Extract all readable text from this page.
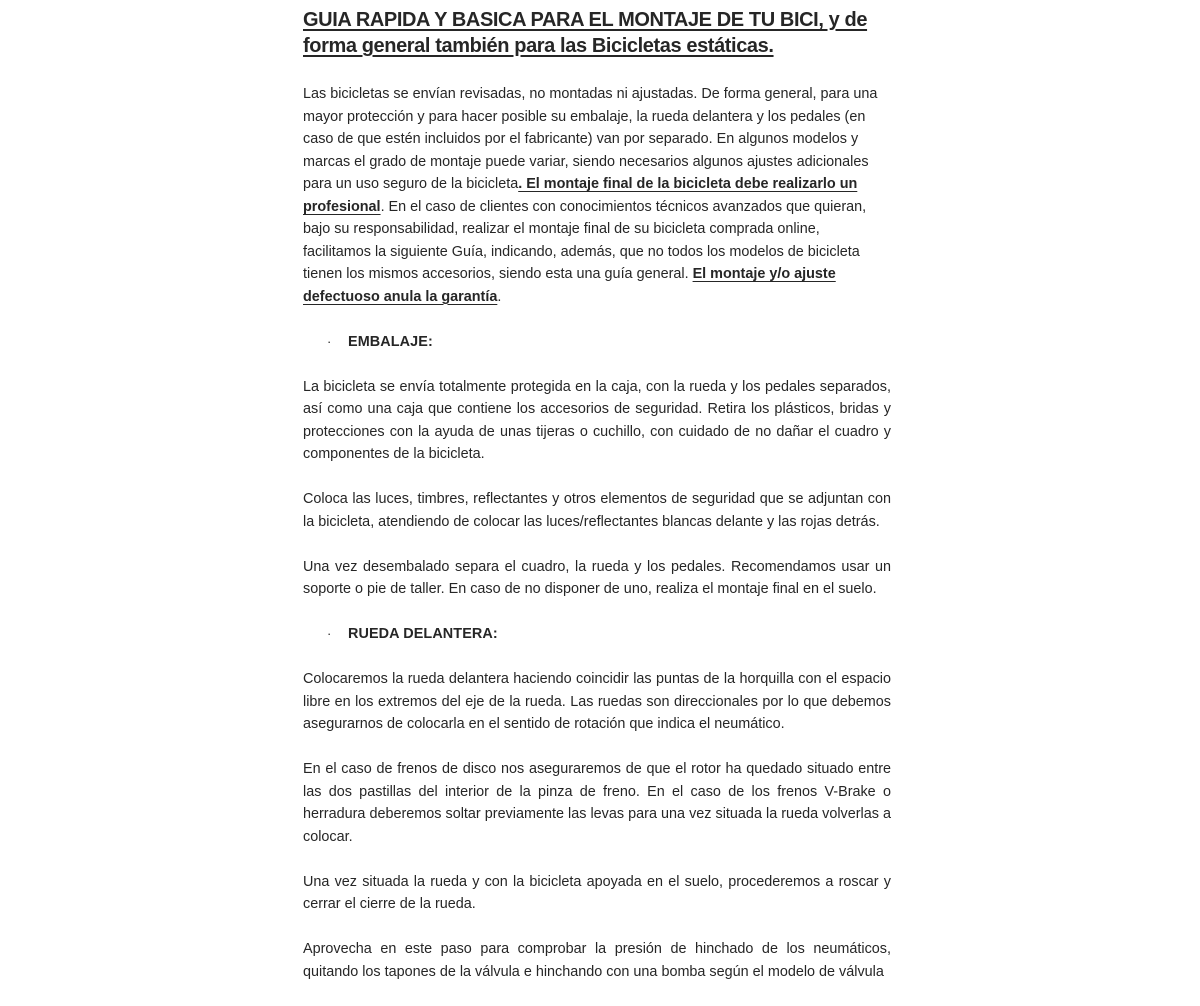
GUIA RAPIDA Y BASICA PARA EL MONTAJE DE TU BICI, y de forma general también para las Bicicletas estáticas.

Las bicicletas se envían revisadas, no montadas ni ajustadas. De forma general, para una mayor protección y para hacer posible su embalaje, la rueda delantera y los pedales (en caso de que estén incluidos por el fabricante) van por separado. En algunos modelos y marcas el grado de montaje puede variar, siendo necesarios algunos ajustes adicionales para un uso seguro de la bicicleta. El montaje final de la bicicleta debe realizarlo un profesional. En el caso de clientes con conocimientos técnicos avanzados que quieran, bajo su responsabilidad, realizar el montaje final de su bicicleta comprada online, facilitamos la siguiente Guía, indicando, además, que no todos los modelos de bicicleta tienen los mismos accesorios, siendo esta una guía general. El montaje y/o ajuste defectuoso anula la garantía.

·	EMBALAJE:

La bicicleta se envía totalmente protegida en la caja, con la rueda y los pedales separados, así como una caja que contiene los accesorios de seguridad. Retira los plásticos, bridas y protecciones con la ayuda de unas tijeras o cuchillo, con cuidado de no dañar el cuadro y componentes de la bicicleta.

Coloca las luces, timbres, reflectantes y otros elementos de seguridad que se adjuntan con la bicicleta, atendiendo de colocar las luces/reflectantes blancas delante y las rojas detrás.

Una vez desembalado separa el cuadro, la rueda y los pedales. Recomendamos usar un soporte o pie de taller. En caso de no disponer de uno, realiza el montaje final en el suelo.

·	RUEDA DELANTERA:

Colocaremos la rueda delantera haciendo coincidir las puntas de la horquilla con el espacio libre en los extremos del eje de la rueda. Las ruedas son direccionales por lo que debemos asegurarnos de colocarla en el sentido de rotación que indica el neumático.

En el caso de frenos de disco nos aseguraremos de que el rotor ha quedado situado entre las dos pastillas del interior de la pinza de freno. En el caso de los frenos V-Brake o herradura deberemos soltar previamente las levas para una vez situada la rueda volverlas a colocar.

Una vez situada la rueda y con la bicicleta apoyada en el suelo, procederemos a roscar y cerrar el cierre de la rueda.

Aprovecha en este paso para comprobar la presión de hinchado de los neumáticos, quitando los tapones de la válvula e hinchando con una bomba según el modelo de válvula
